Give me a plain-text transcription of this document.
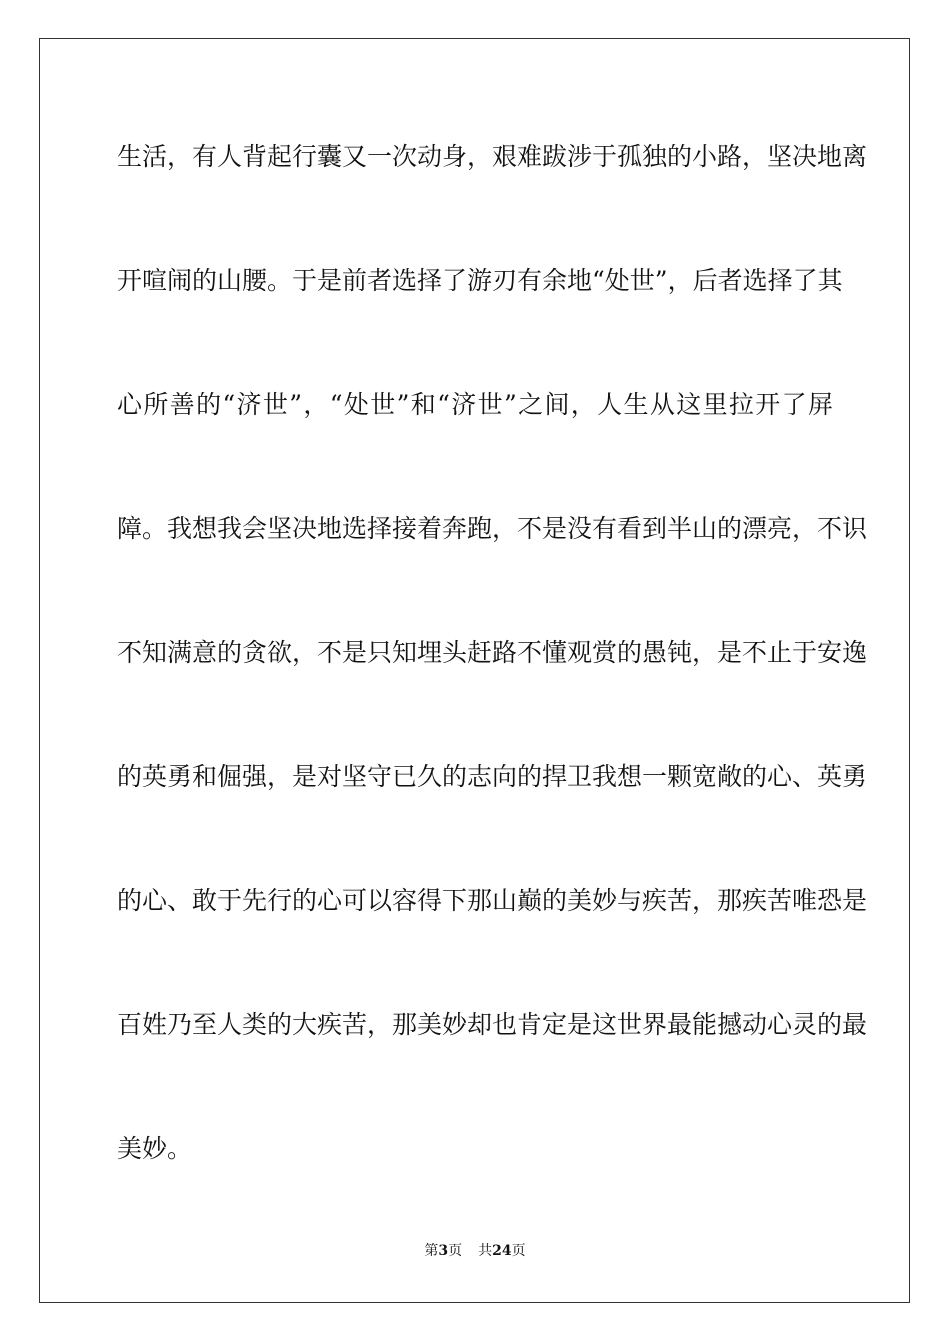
生活，有人背起行囊又一次动身，艰难跋涉于孤独的小路，坚决地离
开喧闹的山腰。于是前者选择了游刃有余地“处世”，后者选择了其
心所善的“济世”，“处世”和“济世”之间，人生从这里拉开了屏
障。我想我会坚决地选择接着奔跑，不是没有看到半山的漂亮，不识
不知满意的贪欲，不是只知埋头赶路不懂观赏的愚钝，是不止于安逸
的英勇和倔强，是对坚守已久的志向的捍卫我想一颗宽敞的心、英勇
的心、敢于先行的心可以容得下那山巅的美妙与疾苦，那疾苦唯恐是
百姓乃至人类的大疾苦，那美妙却也肯定是这世界最能撼动心灵的最
美妙。
第3页 共24页
